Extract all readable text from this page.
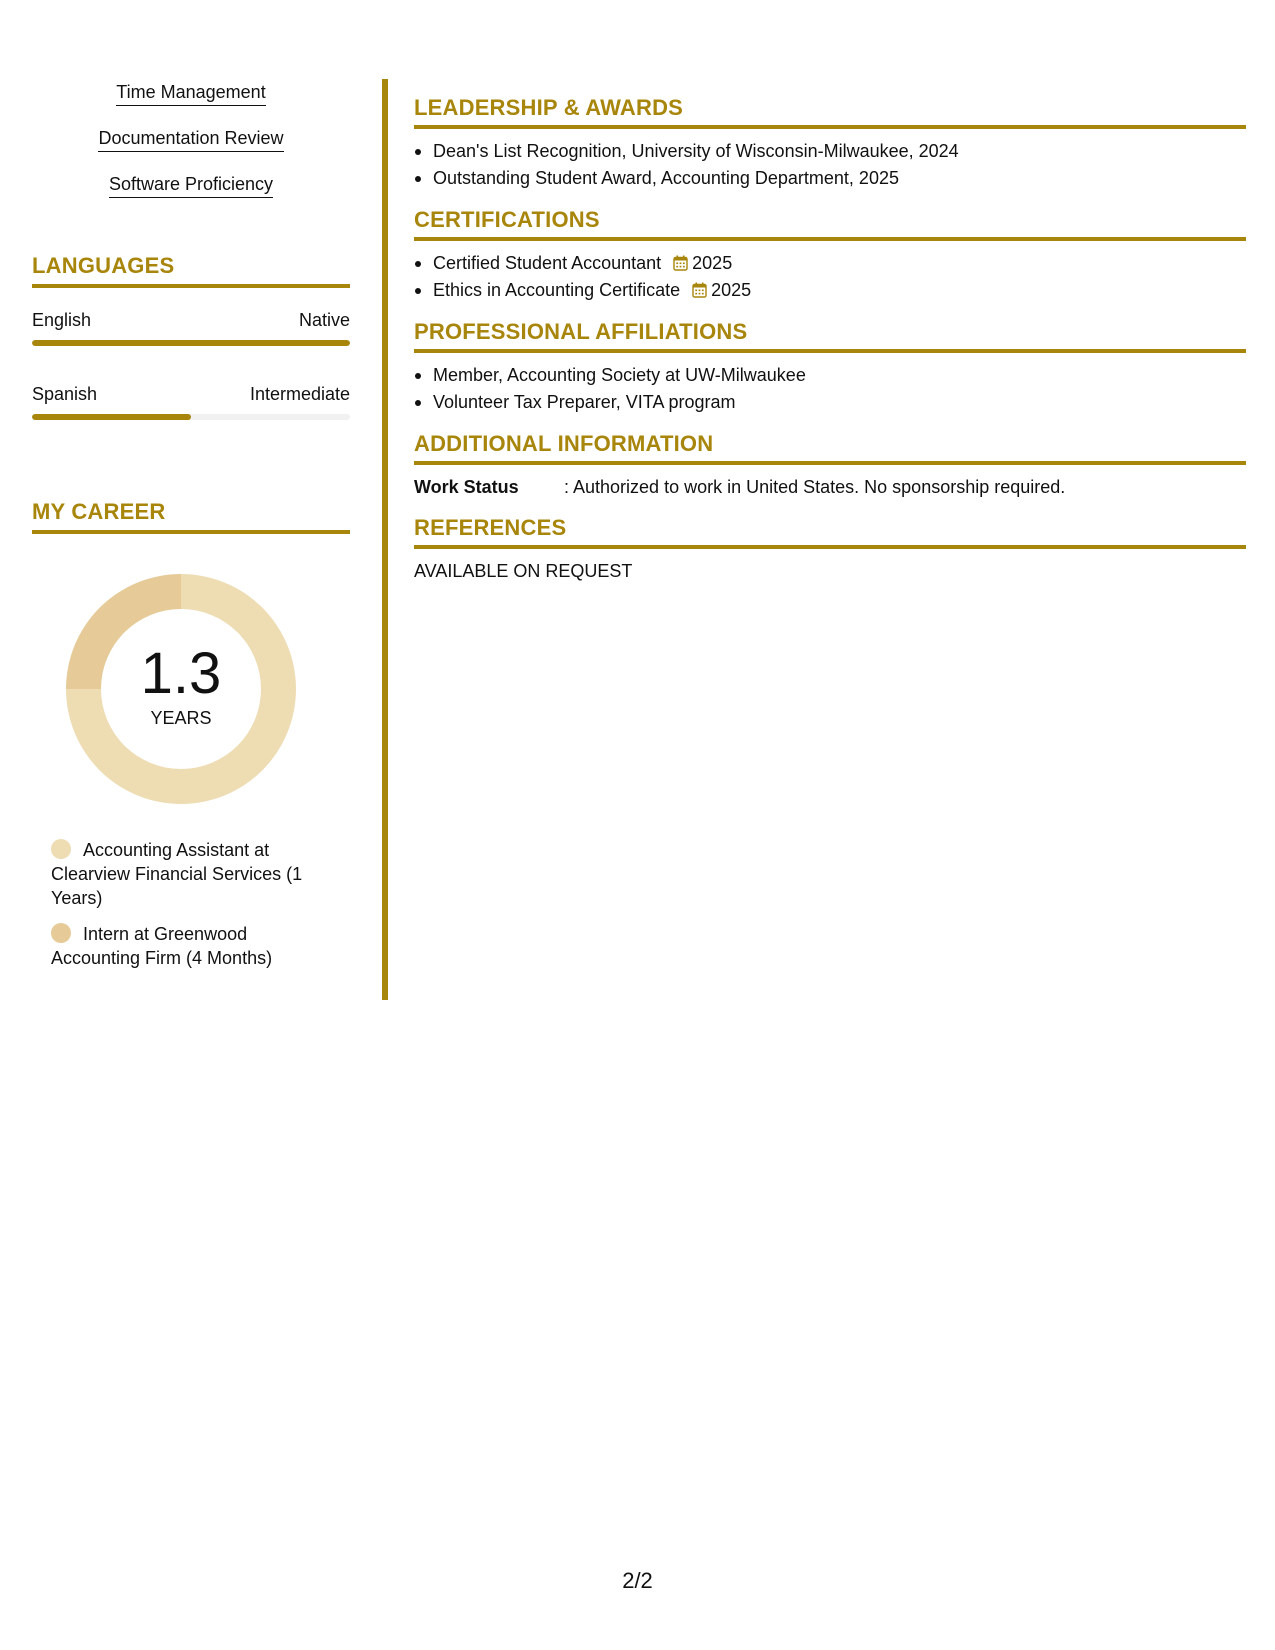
Time Management
Documentation Review
Software Proficiency
LANGUAGES
English	Native
Spanish	Intermediate
MY CAREER
1.3
YEARS
Accounting Assistant at Clearview Financial Services (1 Years)
Intern at Greenwood Accounting Firm (4 Months)
LEADERSHIP & AWARDS
Dean's List Recognition, University of Wisconsin-Milwaukee, 2024
Outstanding Student Award, Accounting Department, 2025
CERTIFICATIONS
Certified Student Accountant 2025
Ethics in Accounting Certificate 2025
PROFESSIONAL AFFILIATIONS
Member, Accounting Society at UW-Milwaukee
Volunteer Tax Preparer, VITA program
ADDITIONAL INFORMATION
Work Status	: Authorized to work in United States. No sponsorship required.
REFERENCES
AVAILABLE ON REQUEST
2/2
